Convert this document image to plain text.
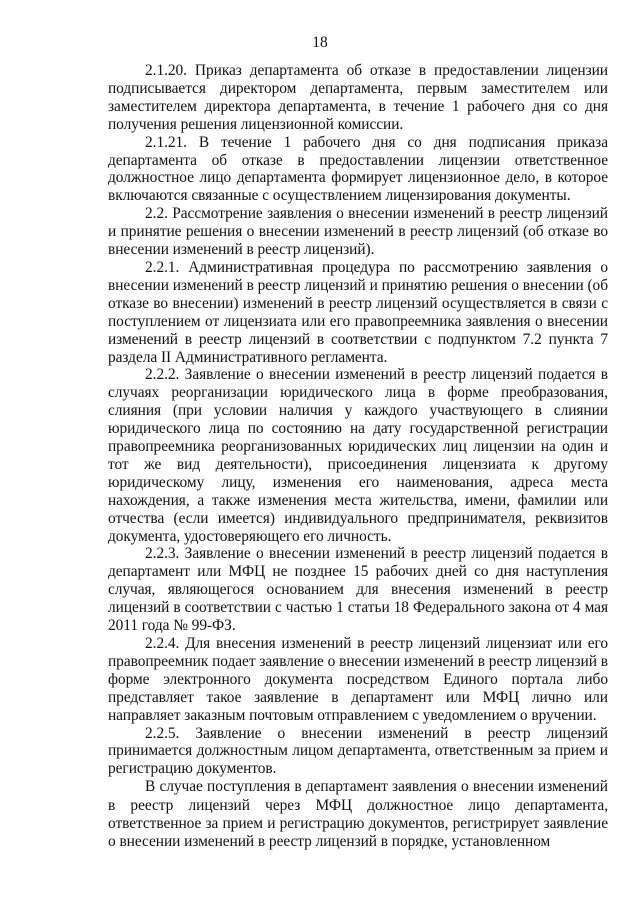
18

2.1.20. Приказ департамента об отказе в предоставлении лицензии подписывается директором департамента, первым заместителем или заместителем директора департамента, в течение 1 рабочего дня со дня получения решения лицензионной комиссии.

2.1.21. В течение 1 рабочего дня со дня подписания приказа департамента об отказе в предоставлении лицензии ответственное должностное лицо департамента формирует лицензионное дело, в которое включаются связанные с осуществлением лицензирования документы.

2.2. Рассмотрение заявления о внесении изменений в реестр лицензий и принятие решения о внесении изменений в реестр лицензий (об отказе во внесении изменений в реестр лицензий).

2.2.1. Административная процедура по рассмотрению заявления о внесении изменений в реестр лицензий и принятию решения о внесении (об отказе во внесении) изменений в реестр лицензий осуществляется в связи с поступлением от лицензиата или его правопреемника заявления о внесении изменений в реестр лицензий в соответствии с подпунктом 7.2 пункта 7 раздела II Административного регламента.

2.2.2. Заявление о внесении изменений в реестр лицензий подается в случаях реорганизации юридического лица в форме преобразования, слияния (при условии наличия у каждого участвующего в слиянии юридического лица по состоянию на дату государственной регистрации правопреемника реорганизованных юридических лиц лицензии на один и тот же вид деятельности), присоединения лицензиата к другому юридическому лицу, изменения его наименования, адреса места нахождения, а также изменения места жительства, имени, фамилии или отчества (если имеется) индивидуального предпринимателя, реквизитов документа, удостоверяющего его личность.

2.2.3. Заявление о внесении изменений в реестр лицензий подается в департамент или МФЦ не позднее 15 рабочих дней со дня наступления случая, являющегося основанием для внесения изменений в реестр лицензий в соответствии с частью 1 статьи 18 Федерального закона от 4 мая 2011 года № 99-ФЗ.

2.2.4. Для внесения изменений в реестр лицензий лицензиат или его правопреемник подает заявление о внесении изменений в реестр лицензий в форме электронного документа посредством Единого портала либо представляет такое заявление в департамент или МФЦ лично или направляет заказным почтовым отправлением с уведомлением о вручении.

2.2.5. Заявление о внесении изменений в реестр лицензий принимается должностным лицом департамента, ответственным за прием и регистрацию документов.

В случае поступления в департамент заявления о внесении изменений в реестр лицензий через МФЦ должностное лицо департамента, ответственное за прием и регистрацию документов, регистрирует заявление о внесении изменений в реестр лицензий в порядке, установленном
